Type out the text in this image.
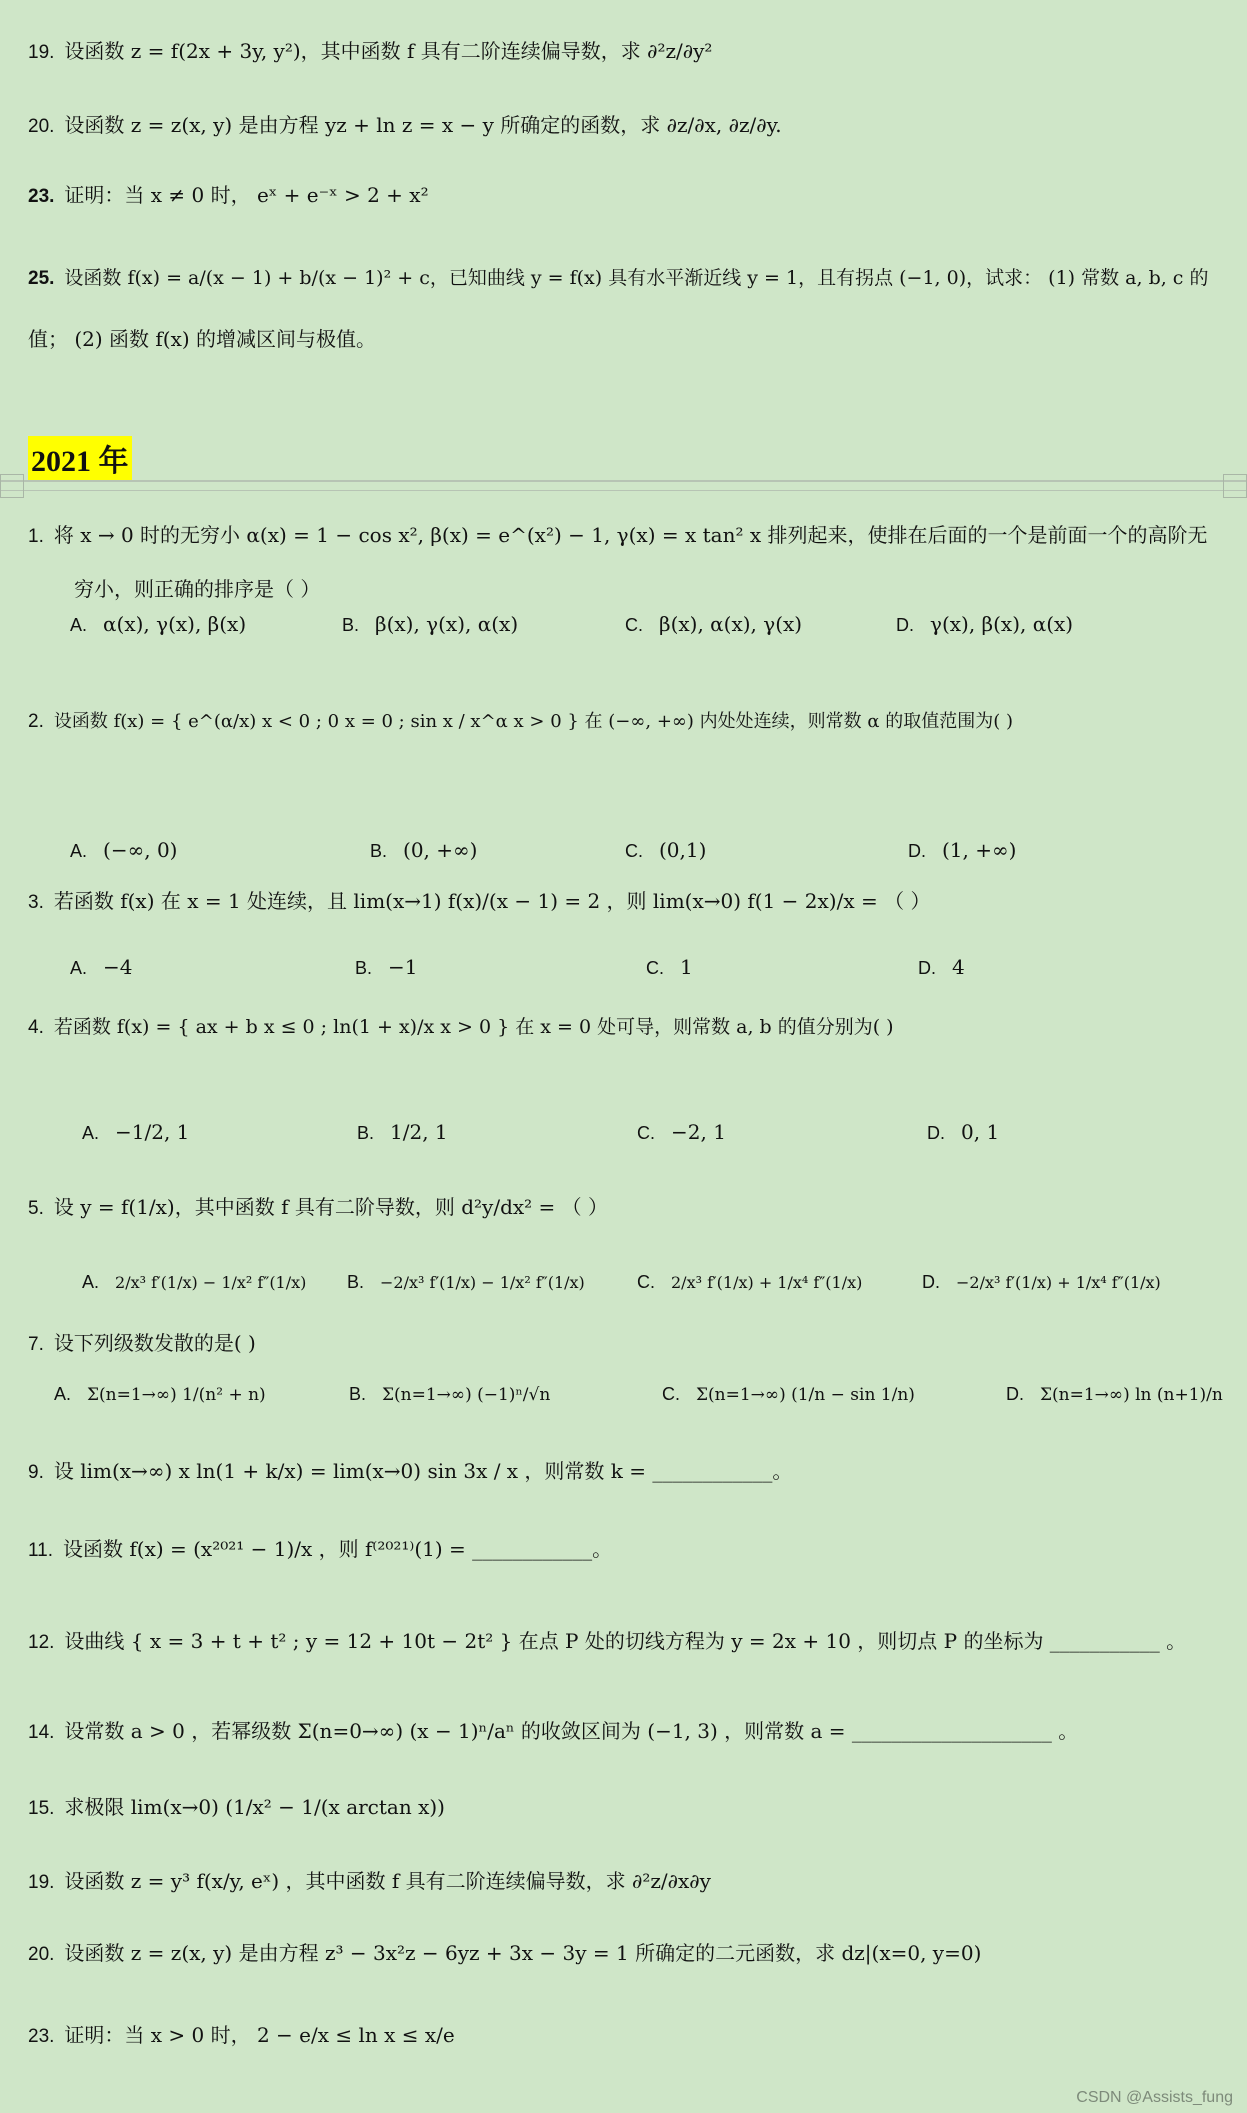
19. 设函数 z = f(2x + 3y, y²)，其中函数 f 具有二阶连续偏导数，求 ∂²z/∂y²
20. 设函数 z = z(x, y) 是由方程 yz + ln z = x − y 所确定的函数，求 ∂z/∂x, ∂z/∂y.
23. 证明：当 x ≠ 0 时， eˣ + e⁻ˣ > 2 + x²
25. 设函数 f(x) = a/(x − 1) + b/(x − 1)² + c，已知曲线 y = f(x) 具有水平渐近线 y = 1，且有拐点 (−1, 0)，试求： (1) 常数 a, b, c 的
值； (2) 函数 f(x) 的增减区间与极值。
2021 年
1. 将 x → 0 时的无穷小 α(x) = 1 − cos x², β(x) = e^(x²) − 1, γ(x) = x tan² x 排列起来，使排在后面的一个是前面一个的高阶无
穷小，则正确的排序是（ ）
A. α(x), γ(x), β(x)	B. β(x), γ(x), α(x)	C. β(x), α(x), γ(x)	D. γ(x), β(x), α(x)
2. 设函数 f(x) = { e^(α/x) x < 0 ; 0 x = 0 ; sin x / x^α x > 0 } 在 (−∞, +∞) 内处处连续，则常数 α 的取值范围为( )
A. (−∞, 0)	B. (0, +∞)	C. (0,1)	D. (1, +∞)
3. 若函数 f(x) 在 x = 1 处连续，且 lim(x→1) f(x)/(x − 1) = 2 ，则 lim(x→0) f(1 − 2x)/x = （ ）
A. −4	B. −1	C. 1	D. 4
4. 若函数 f(x) = { ax + b x ≤ 0 ; ln(1 + x)/x x > 0 } 在 x = 0 处可导，则常数 a, b 的值分别为( )
A. −1/2, 1	B. 1/2, 1	C. −2, 1	D. 0, 1
5. 设 y = f(1/x)，其中函数 f 具有二阶导数，则 d²y/dx² = （ ）
A. 2/x³ f′(1/x) − 1/x² f″(1/x) B. −2/x³ f′(1/x) − 1/x² f″(1/x)	C. 2/x³ f′(1/x) + 1/x⁴ f″(1/x)	D. −2/x³ f′(1/x) + 1/x⁴ f″(1/x)
7. 设下列级数发散的是( )
A. Σ(n=1→∞) 1/(n² + n)	B. Σ(n=1→∞) (−1)ⁿ/√n	C. Σ(n=1→∞) (1/n − sin 1/n)	D. Σ(n=1→∞) ln (n+1)/n
9. 设 lim(x→∞) x ln(1 + k/x) = lim(x→0) sin 3x / x ，则常数 k = ____________。
11. 设函数 f(x) = (x²⁰²¹ − 1)/x ，则 f⁽²⁰²¹⁾(1) = ____________。
12. 设曲线 { x = 3 + t + t² ; y = 12 + 10t − 2t² } 在点 P 处的切线方程为 y = 2x + 10 ，则切点 P 的坐标为 ___________ 。
14. 设常数 a > 0 ，若幂级数 Σ(n=0→∞) (x − 1)ⁿ/aⁿ 的收敛区间为 (−1, 3) ，则常数 a = ____________________ 。
15. 求极限 lim(x→0) (1/x² − 1/(x arctan x))
19. 设函数 z = y³ f(x/y, eˣ) ，其中函数 f 具有二阶连续偏导数，求 ∂²z/∂x∂y
20. 设函数 z = z(x, y) 是由方程 z³ − 3x²z − 6yz + 3x − 3y = 1 所确定的二元函数，求 dz|(x=0, y=0)
23. 证明：当 x > 0 时， 2 − e/x ≤ ln x ≤ x/e
CSDN @Assists_fung
